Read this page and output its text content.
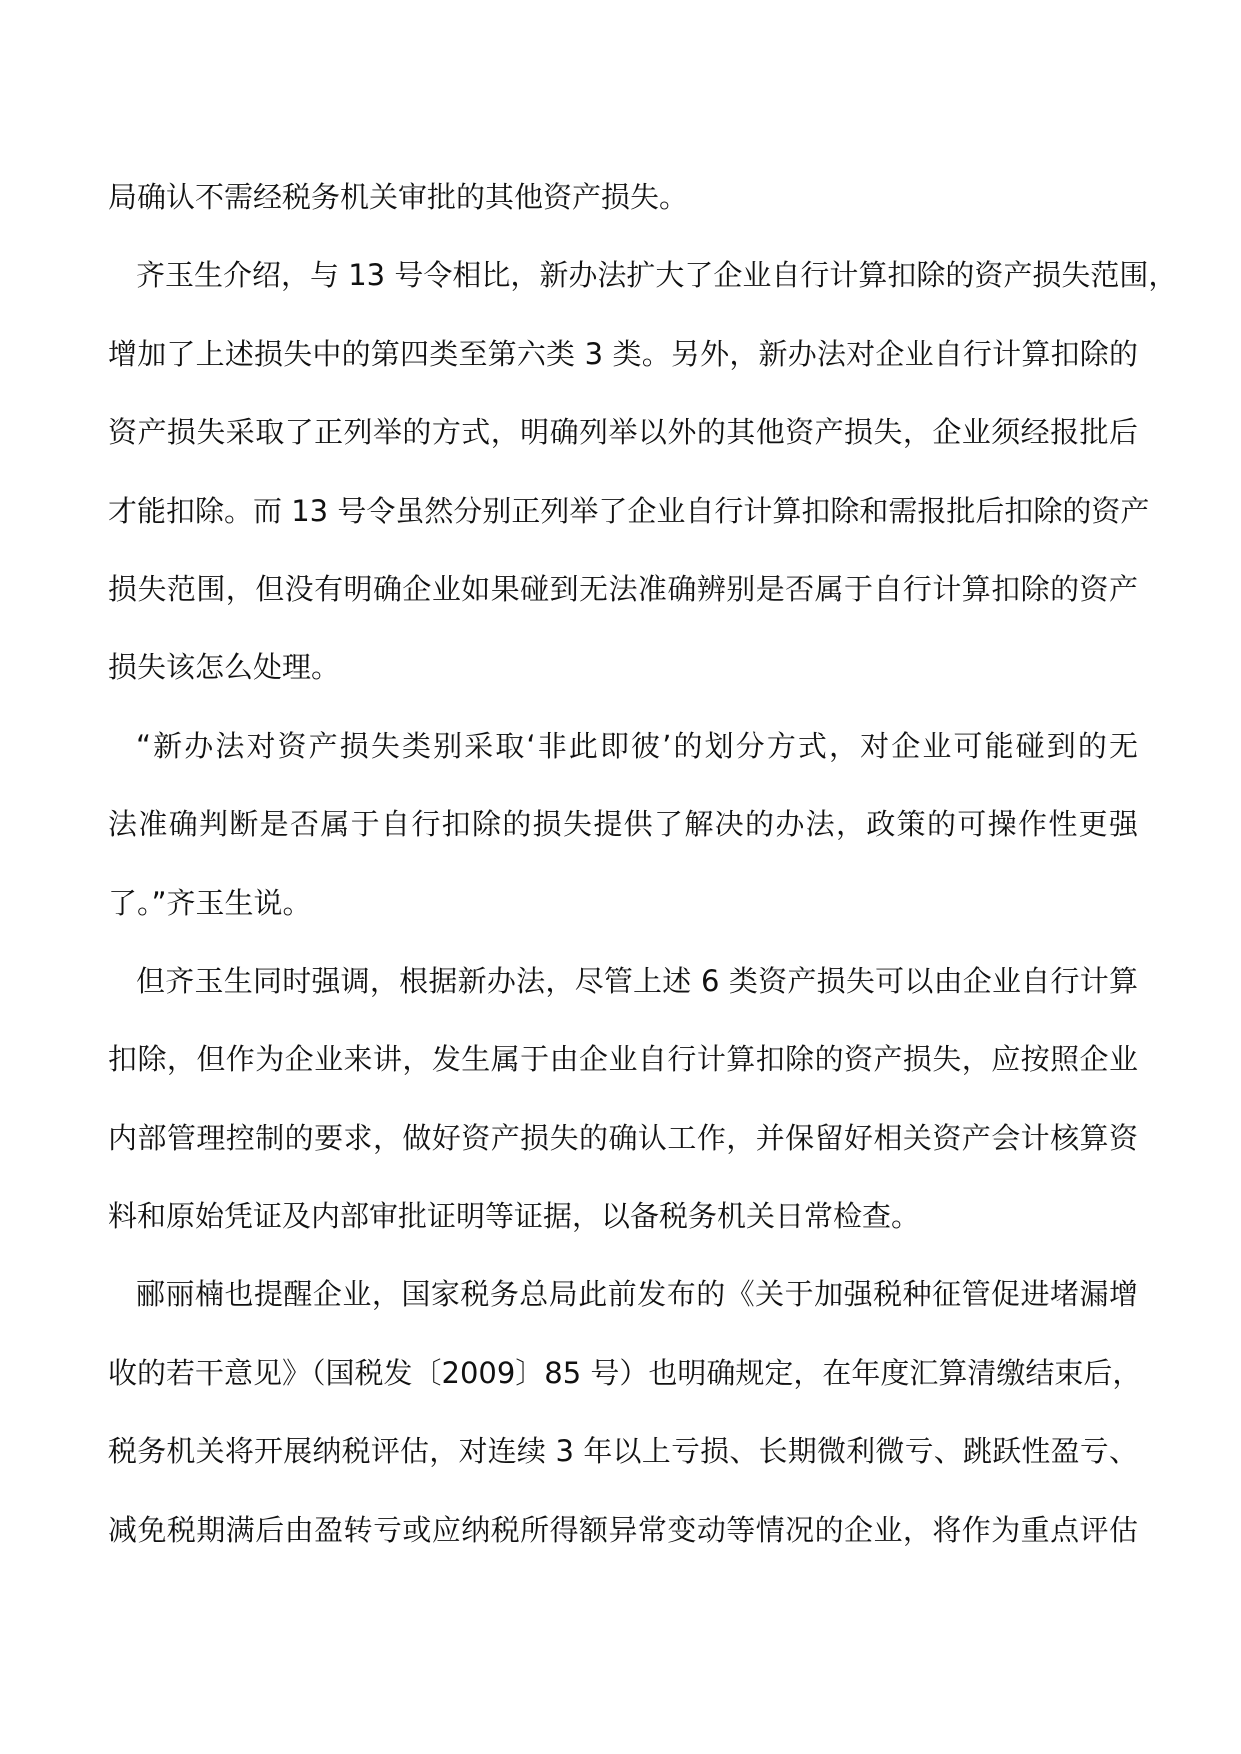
局确认不需经税务机关审批的其他资产损失。
齐玉生介绍，与 13 号令相比，新办法扩大了企业自行计算扣除的资产损失范围，
增加了上述损失中的第四类至第六类 3 类。另外，新办法对企业自行计算扣除的
资产损失采取了正列举的方式，明确列举以外的其他资产损失，企业须经报批后
才能扣除。而 13 号令虽然分别正列举了企业自行计算扣除和需报批后扣除的资产
损失范围，但没有明确企业如果碰到无法准确辨别是否属于自行计算扣除的资产
损失该怎么处理。
“新办法对资产损失类别采取‘非此即彼’的划分方式，对企业可能碰到的无
法准确判断是否属于自行扣除的损失提供了解决的办法，政策的可操作性更强
了。”齐玉生说。
但齐玉生同时强调，根据新办法，尽管上述 6 类资产损失可以由企业自行计算
扣除，但作为企业来讲，发生属于由企业自行计算扣除的资产损失，应按照企业
内部管理控制的要求，做好资产损失的确认工作，并保留好相关资产会计核算资
料和原始凭证及内部审批证明等证据，以备税务机关日常检查。
郦丽楠也提醒企业，国家税务总局此前发布的《关于加强税种征管促进堵漏增
收的若干意见》（国税发〔2009〕85 号）也明确规定，在年度汇算清缴结束后，
税务机关将开展纳税评估，对连续 3 年以上亏损、长期微利微亏、跳跃性盈亏、
减免税期满后由盈转亏或应纳税所得额异常变动等情况的企业，将作为重点评估
